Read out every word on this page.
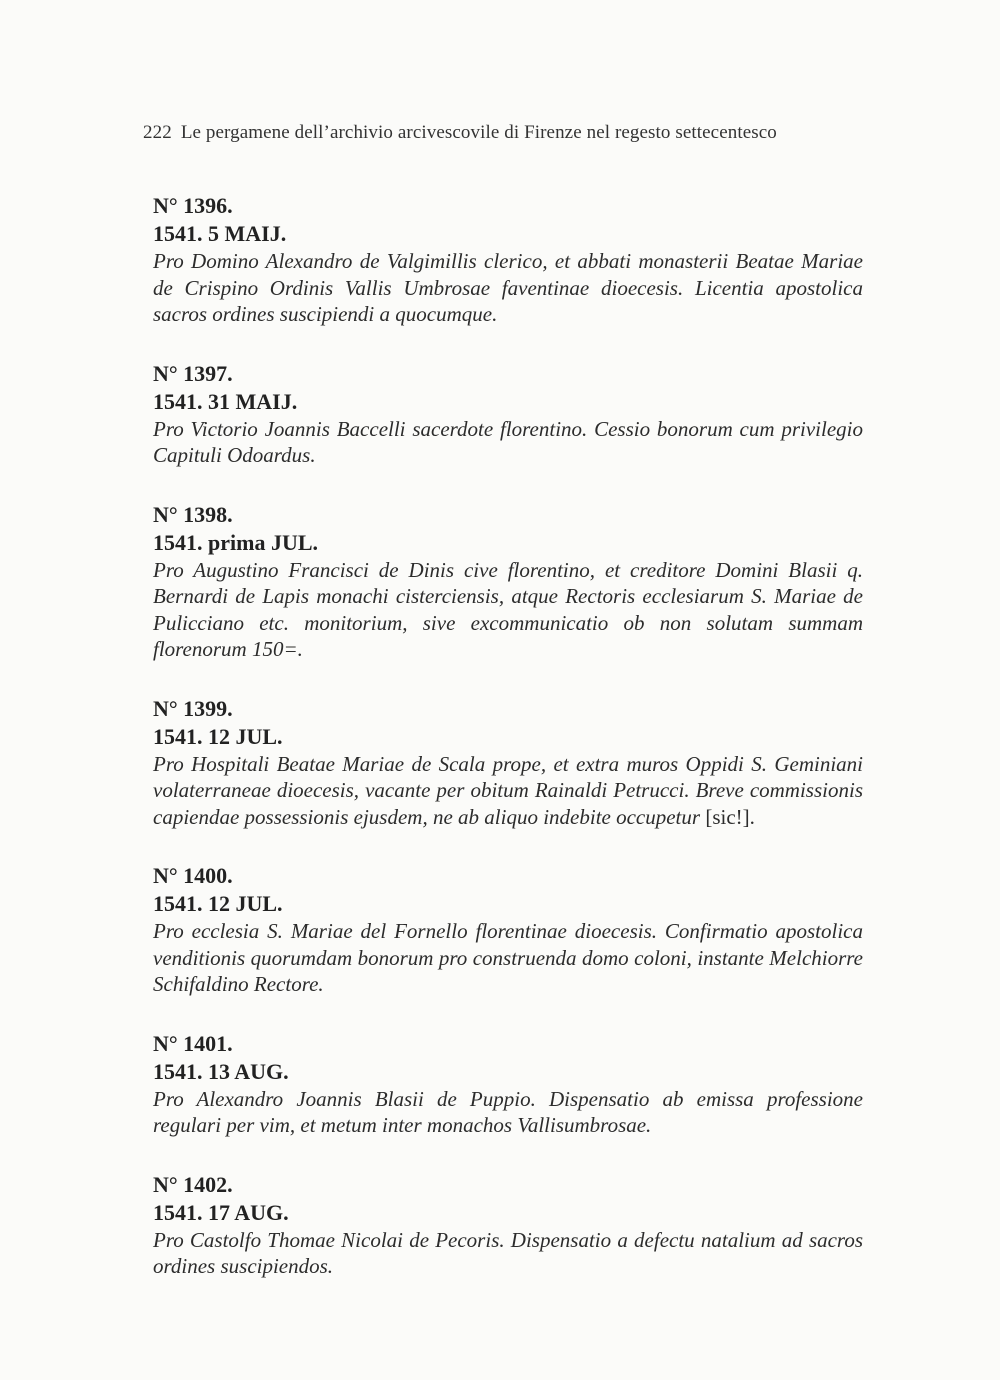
222 Le pergamene dell’archivio arcivescovile di Firenze nel regesto settecentesco
N° 1396.
1541. 5 MAIJ.
Pro Domino Alexandro de Valgimillis clerico, et abbati monasterii Beatae Mariae de Crispino Ordinis Vallis Umbrosae faventinae dioecesis. Licentia apostolica sacros ordines suscipiendi a quocumque.
N° 1397.
1541. 31 MAIJ.
Pro Victorio Joannis Baccelli sacerdote florentino. Cessio bonorum cum privilegio Capituli Odoardus.
N° 1398.
1541. prima JUL.
Pro Augustino Francisci de Dinis cive florentino, et creditore Domini Blasii q. Bernardi de Lapis monachi cisterciensis, atque Rectoris ecclesiarum S. Mariae de Pulicciano etc. monitorium, sive excommunicatio ob non solutam summam florenorum 150=.
N° 1399.
1541. 12 JUL.
Pro Hospitali Beatae Mariae de Scala prope, et extra muros Oppidi S. Geminiani volaterraneae dioecesis, vacante per obitum Rainaldi Petrucci. Breve commissionis capiendae possessionis ejusdem, ne ab aliquo indebite occupetur [sic!].
N° 1400.
1541. 12 JUL.
Pro ecclesia S. Mariae del Fornello florentinae dioecesis. Confirmatio apostolica venditionis quorumdam bonorum pro construenda domo coloni, instante Melchiorre Schifaldino Rectore.
N° 1401.
1541. 13 AUG.
Pro Alexandro Joannis Blasii de Puppio. Dispensatio ab emissa professione regulari per vim, et metum inter monachos Vallisumbrosae.
N° 1402.
1541. 17 AUG.
Pro Castolfo Thomae Nicolai de Pecoris. Dispensatio a defectu natalium ad sacros ordines suscipiendos.
